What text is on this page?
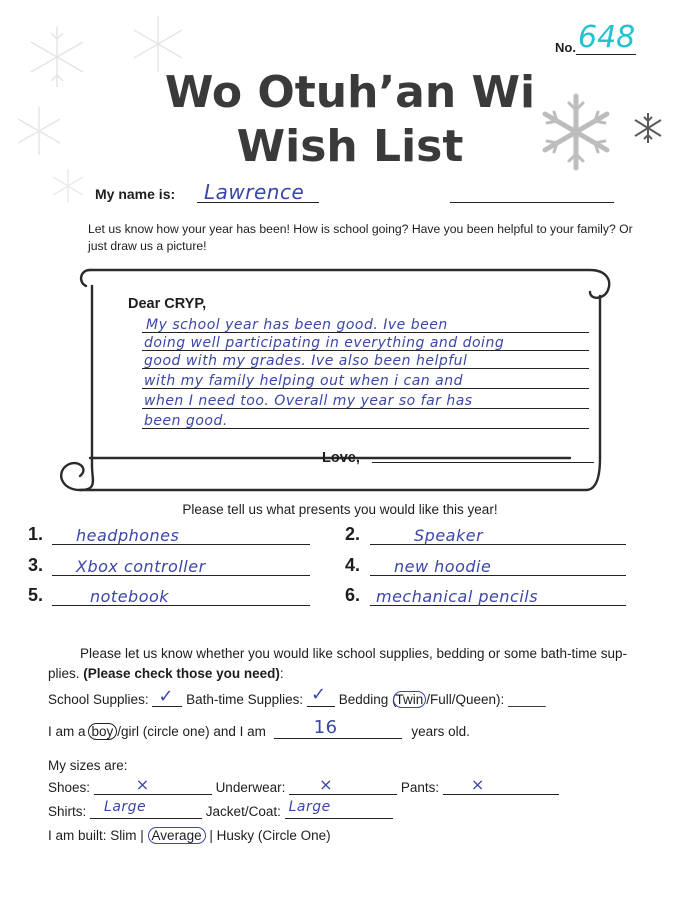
No. 648
Wo Otuh’an Wi
Wish List
My name is: Lawrence
Let us know how your year has been! How is school going? Have you been helpful to your family? Or
just draw us a picture!
Dear CRYP,
My school year has been good. Ive been
doing well participating in everything and doing
good with my grades. Ive also been helpful
with my family helping out when i can and
when I need too. Overall my year so far has
been good.
Love,
Please tell us what presents you would like this year!
1. headphones	2.	Speaker
3. Xbox controller	4. new hoodie
5.	notebook	6. mechanical pencils
Please let us know whether you would like school supplies, bedding or some bath-time sup-
plies. (Please check those you need):
School Supplies: ✓ Bath-time Supplies: ✓ Bedding (Twin /Full/Queen): _____
I am a boy /girl (circle one) and I am	16	years old.
My sizes are:
Shoes:	×	Underwear: ×	Pants: ×
Shirts: Large	Jacket/Coat: Large
I am built: Slim | Average | Husky (Circle One)
